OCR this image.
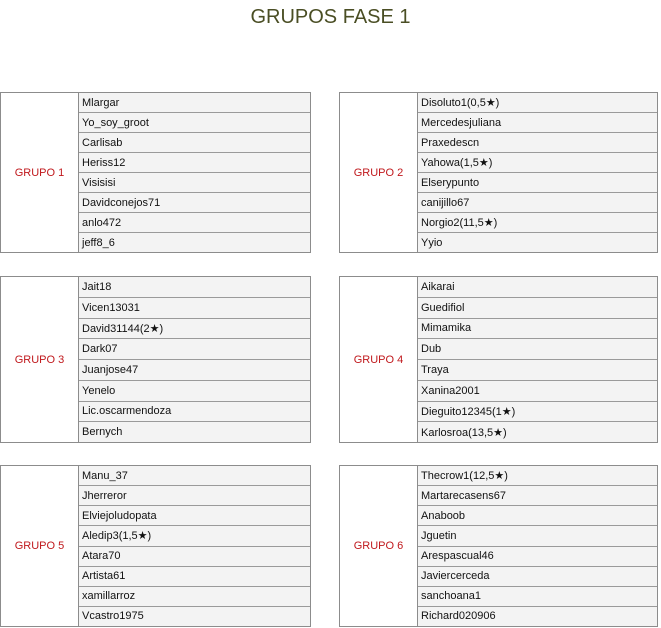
GRUPOS FASE 1
GRUPO 1
Mlargar
Yo_soy_groot
Carlisab
Heriss12
Visisisi
Davidconejos71
anlo472
jeff8_6
GRUPO 2
Disoluto1(0,5★)
Mercedesjuliana
Praxedescn
Yahowa(1,5★)
Elserypunto
canijillo67
Norgio2(11,5★)
Yyio
GRUPO 3
Jait18
Vicen13031
David31144(2★)
Dark07
Juanjose47
Yenelo
Lic.oscarmendoza
Bernych
GRUPO 4
Aikarai
Guedifiol
Mimamika
Dub
Traya
Xanina2001
Dieguito12345(1★)
Karlosroa(13,5★)
GRUPO 5
Manu_37
Jherreror
Elviejoludopata
Aledip3(1,5★)
Atara70
Artista61
xamillarroz
Vcastro1975
GRUPO 6
Thecrow1(12,5★)
Martarecasens67
Anaboob
Jguetin
Arespascual46
Javiercerceda
sanchoana1
Richard020906
